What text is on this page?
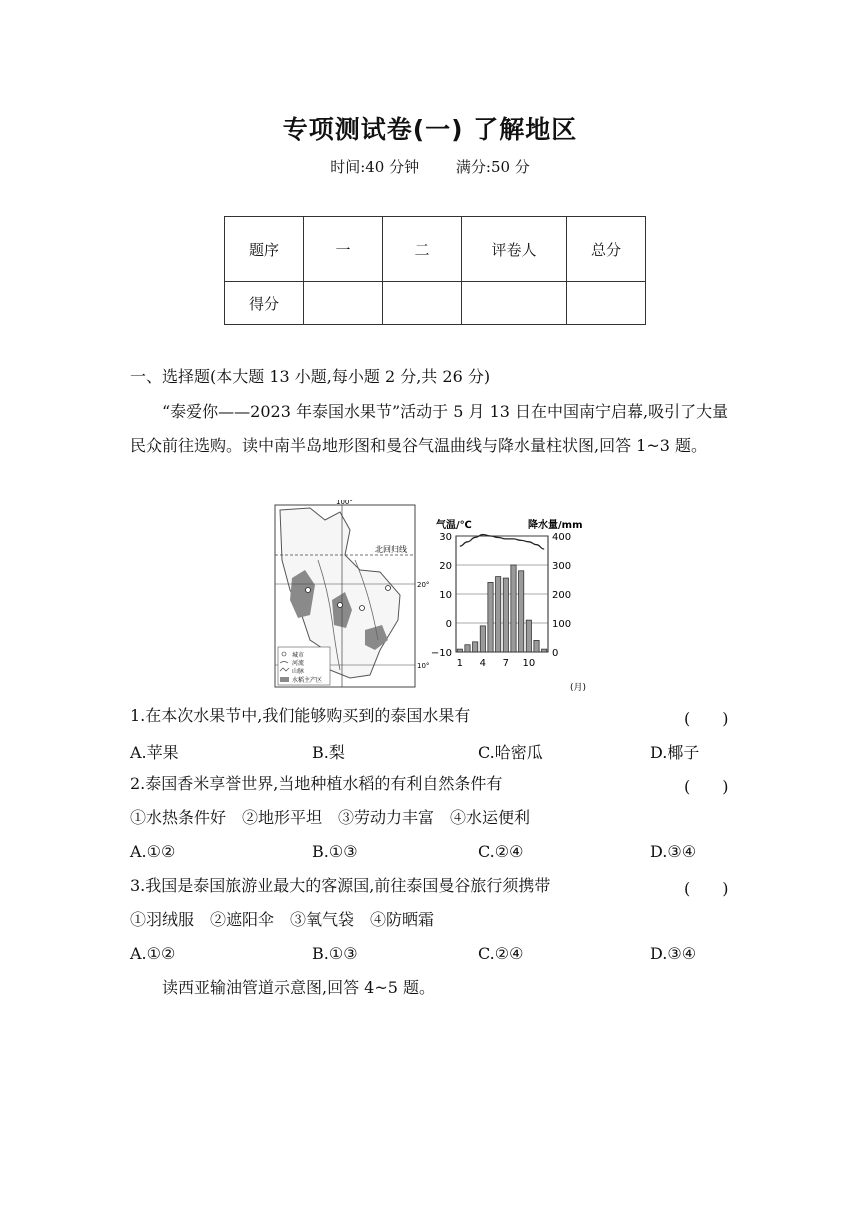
专项测试卷(一) 了解地区
时间:40 分钟 满分:50 分
题序	一	二	评卷人	总分
得分				
一、选择题(本大题 13 小题,每小题 2 分,共 26 分)
“泰爱你——2023 年泰国水果节”活动于 5 月 13 日在中国南宁启幕,吸引了大量民众前往选购。读中南半岛地形图和曼谷气温曲线与降水量柱状图,回答 1~3 题。
100°
北回归线
20°
10°
城市
河流
山脉
水稻主产区
气温/℃	降水量/mm
30
20
10
0
−10
400
300
200
100
0
1 4 7 10
(月)
1.在本次水果节中,我们能够购买到的泰国水果有	(　　)
A.苹果	B.梨	C.哈密瓜	D.椰子
2.泰国香米享誉世界,当地种植水稻的有利自然条件有	(　　)
①水热条件好　②地形平坦　③劳动力丰富　④水运便利
A.①②	B.①③	C.②④	D.③④
3.我国是泰国旅游业最大的客源国,前往泰国曼谷旅行须携带	(　　)
①羽绒服　②遮阳伞　③氧气袋　④防晒霜
A.①②	B.①③	C.②④	D.③④
读西亚输油管道示意图,回答 4~5 题。
